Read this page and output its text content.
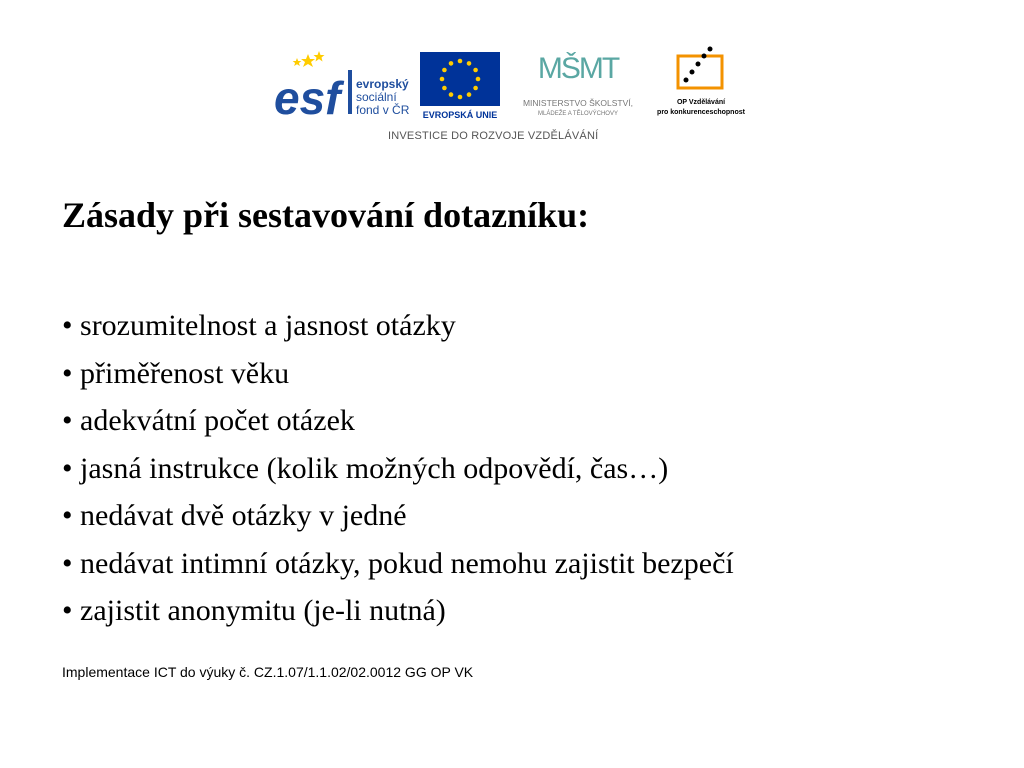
esf	evropský
sociální
fond v ČR EVROPSKÁ UNIE
MŠMT
MINISTERSTVO ŠKOLSTVÍ,
MLÁDEŽE A TĚLOVÝCHOVY
OP Vzdělávání
pro konkurenceschopnost
INVESTICE DO ROZVOJE VZDĚLÁVÁNÍ
Zásady při sestavování dotazníku:
• srozumitelnost a jasnost otázky
• přiměřenost věku
• adekvátní počet otázek
• jasná instrukce (kolik možných odpovědí, čas…)
• nedávat dvě otázky v jedné
• nedávat intimní otázky, pokud nemohu zajistit bezpečí
• zajistit anonymitu (je-li nutná)

Implementace ICT do výuky č. CZ.1.07/1.1.02/02.0012 GG OP VK
